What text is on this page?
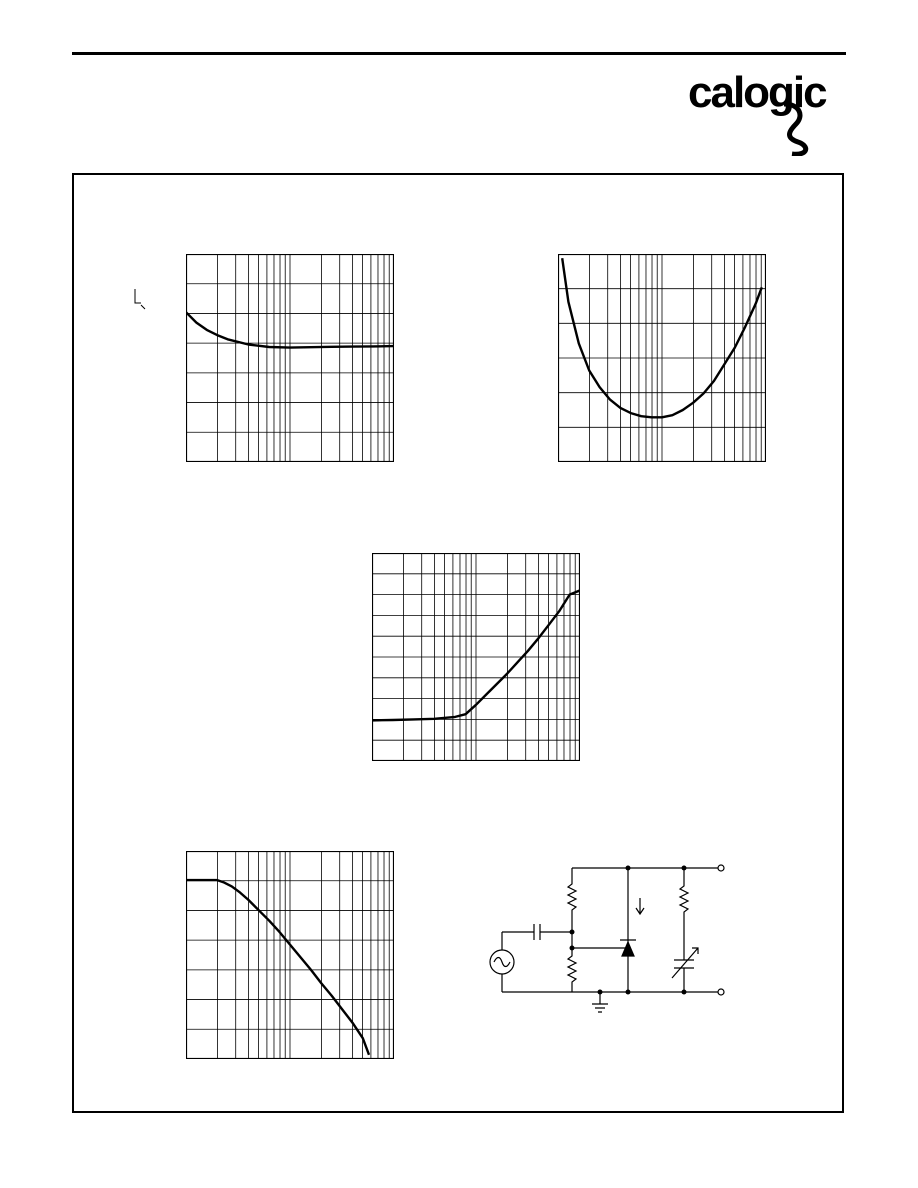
calogic
